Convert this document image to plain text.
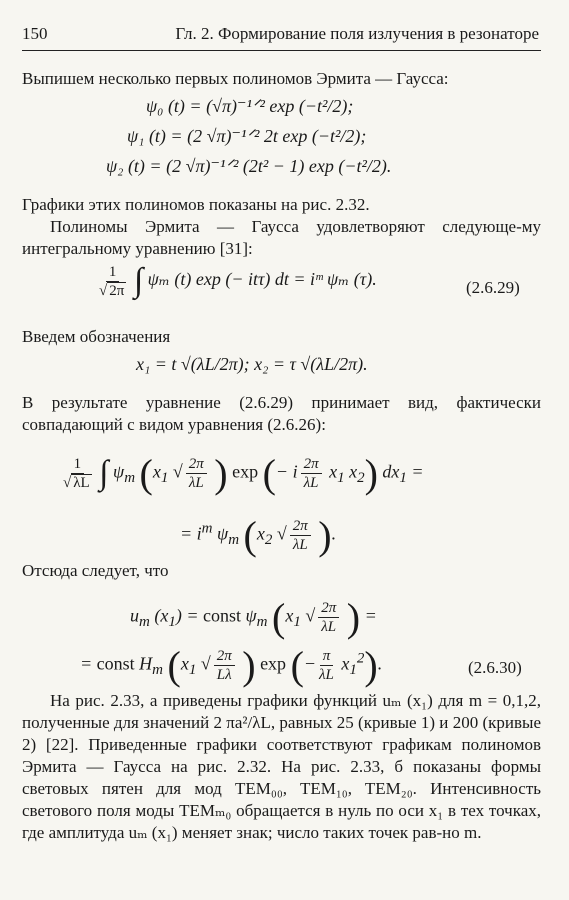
150	Гл. 2. Формирование поля излучения в резонаторе
Выпишем несколько первых полиномов Эрмита — Гаусса:
ψ₀ (t) = (√π)⁻¹ᐟ² exp (−t²/2);
ψ₁ (t) = (2 √π)⁻¹ᐟ² 2t exp (−t²/2);
ψ₂ (t) = (2 √π)⁻¹ᐟ² (2t² − 1) exp (−t²/2).
Графики этих полиномов показаны на рис. 2.32.
Полиномы Эрмита — Гаусса удовлетворяют следующе-му интегральному уравнению [31]:
$\frac{1}{√ 2\pi}$ ∫ ψₘ (t) exp (− itτ) dt = iᵐ ψₘ (τ).	(2.6.29)
Введем обозначения
x₁ = t √(λL/2π); x₂ = τ √(λL/2π).
В результате уравнение (2.6.29) принимает вид, фактически совпадающий с видом уравнения (2.6.26):
$\frac{1}{√ \lambda L}$ ∫ $\psi_m$ ($x_1$ √ $\frac{2\pi}{\lambda L}$ ) exp (− i $\frac{2\pi}{\lambda L} x_1$ $x_2$) $dx_1$ =
= $i^m$ $\psi_m$ ($x_2$ √ $\frac{2\pi}{\lambda L}$ ).
Отсюда следует, что
$u_m$ $(x_1)$ = const $\psi_m$ ($x_1$ √ $\frac{2\pi}{\lambda L}$ ) =
= const $H_m$ ($x_1$ √ $\frac{2\pi}{L\lambda}$ ) exp (− $\frac{\pi}{\lambda L} x_1^2$).	(2.6.30)
На рис. 2.33, а приведены графики функций uₘ (x₁) для m = 0,1,2, полученные для значений 2 πa²/λL, равных 25 (кривые 1) и 200 (кривые 2) [22]. Приведенные графики соответствуют графикам полиномов Эрмита — Гаусса на рис. 2.32. На рис. 2.33, б показаны формы световых пятен для мод TEM₀₀, TEM₁₀, TEM₂₀. Интенсивность светового поля моды TEMₘ₀ обращается в нуль по оси x₁ в тех точках, где амплитуда uₘ (x₁) меняет знак; число таких точек рав-но m.
